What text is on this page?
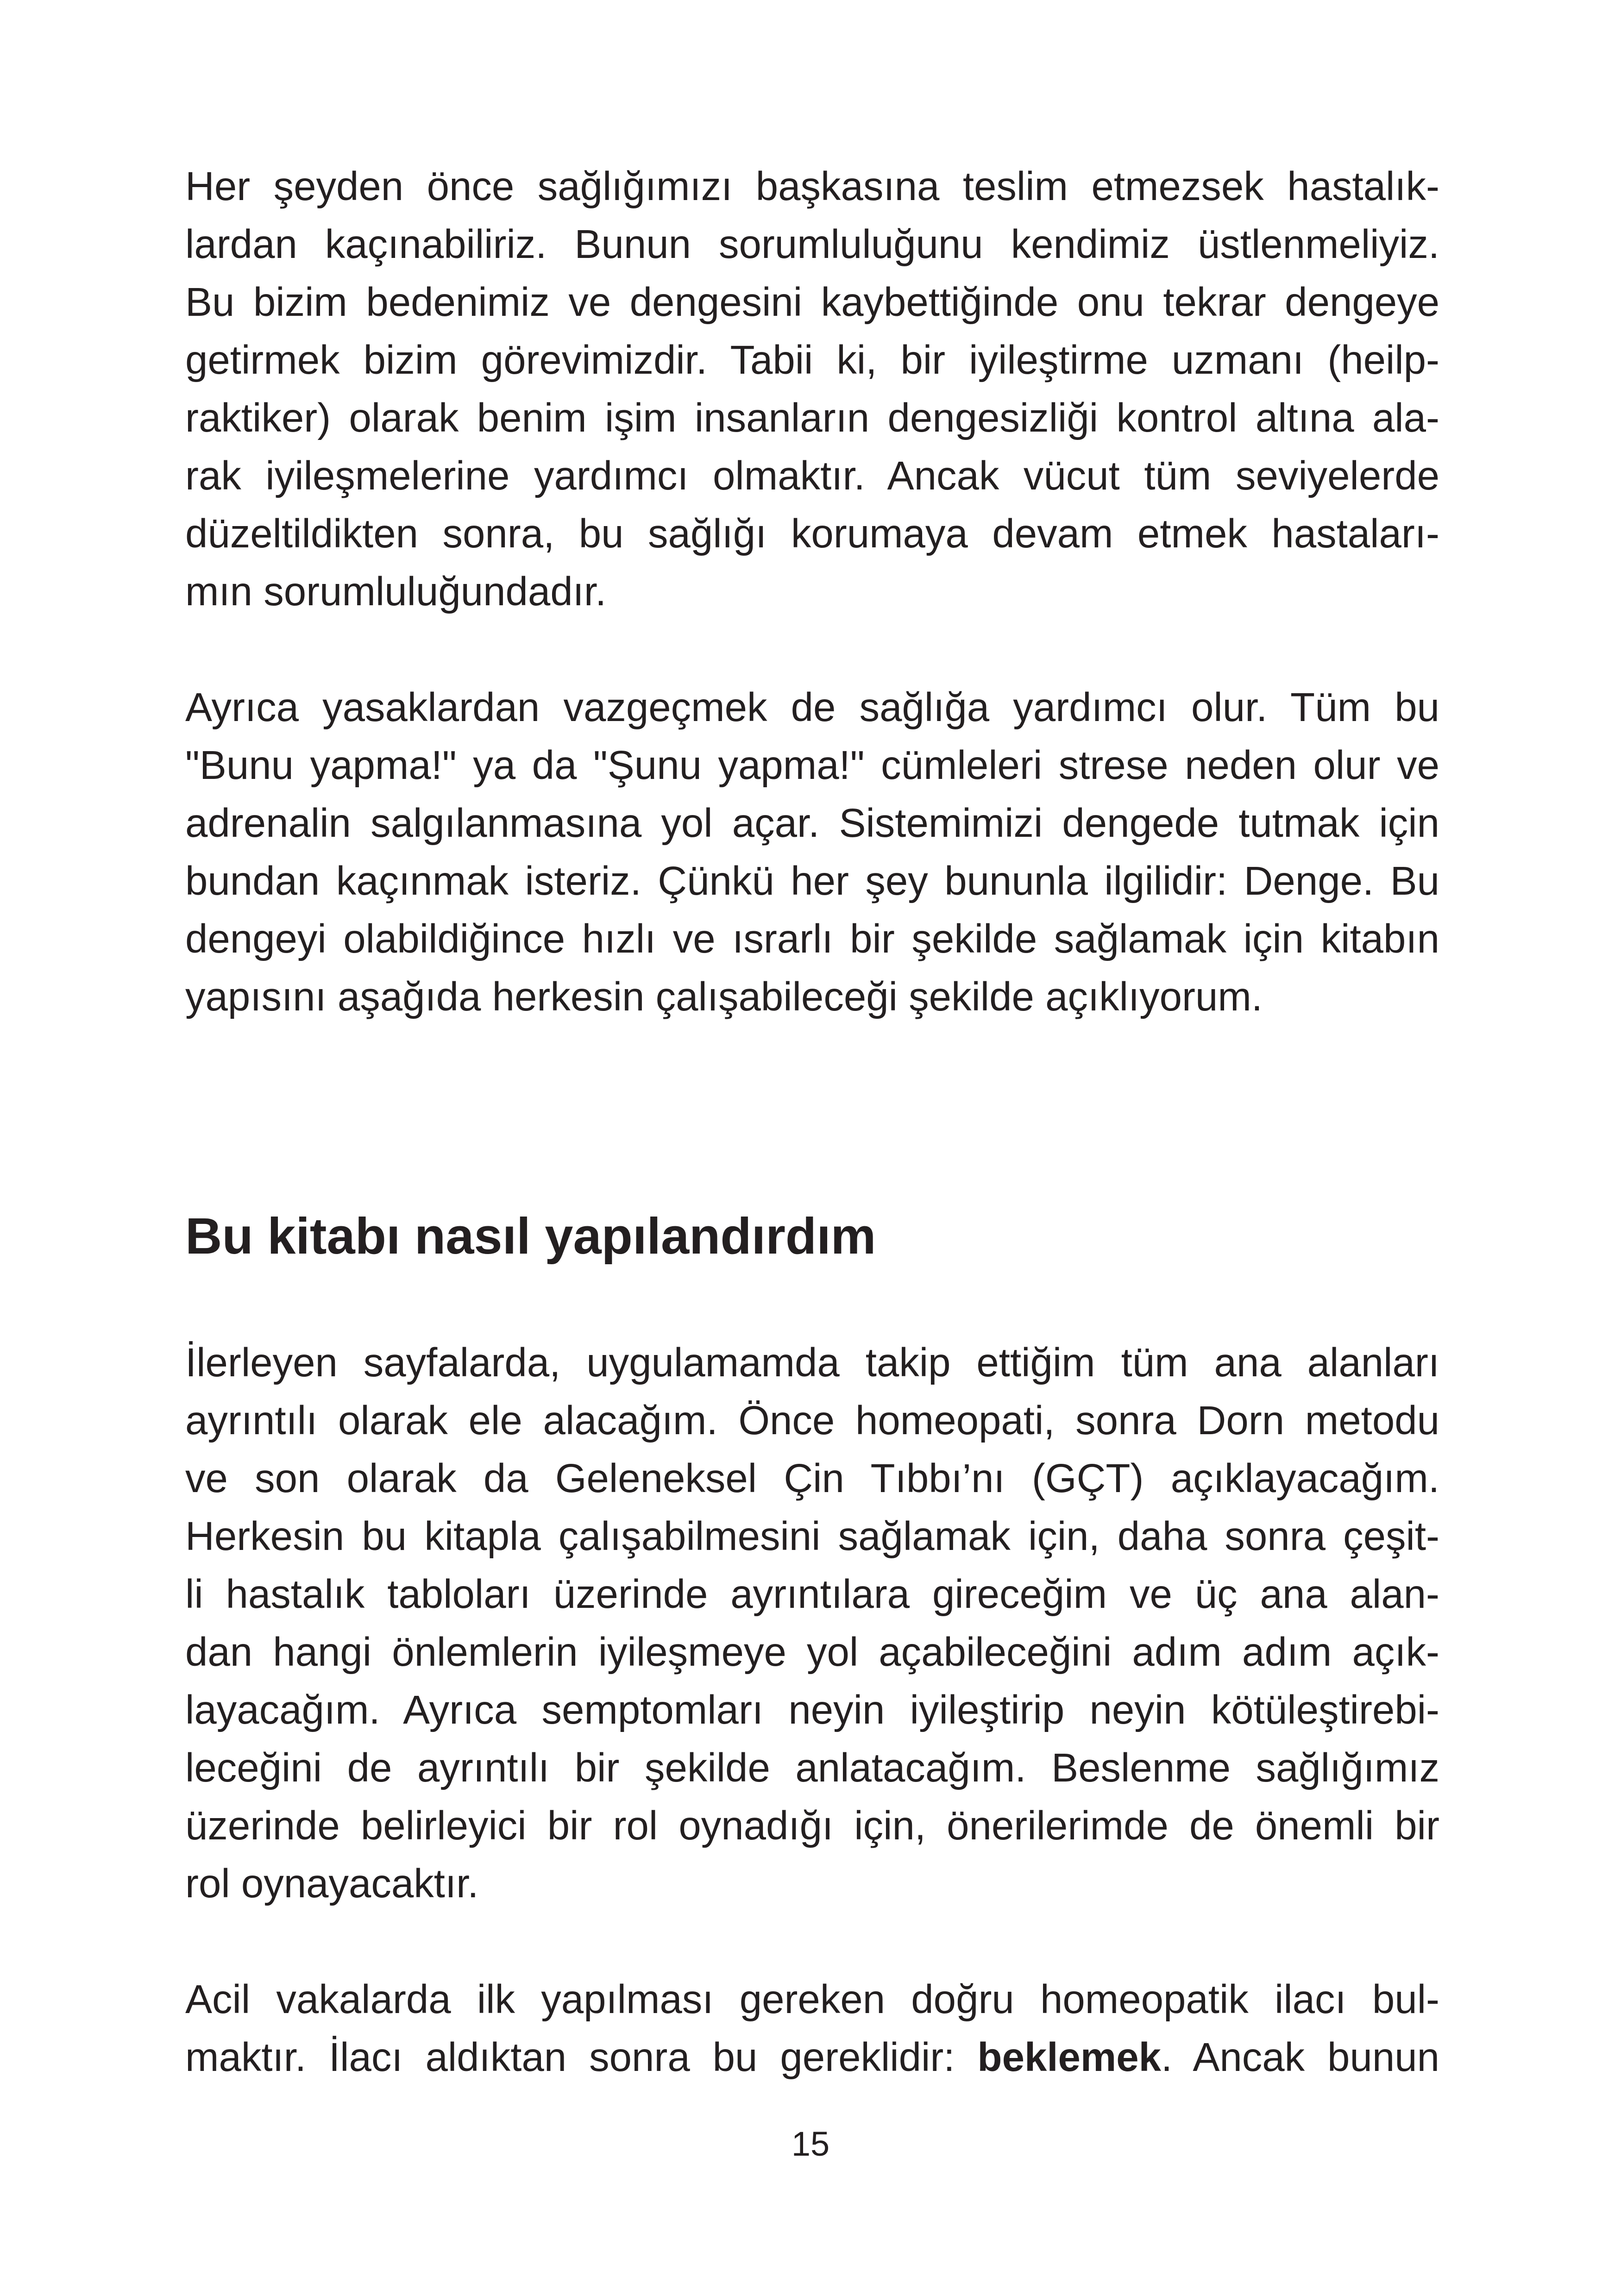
Her şeyden önce sağlığımızı başkasına teslim etmezsek hastalık-
lardan kaçınabiliriz. Bunun sorumluluğunu kendimiz üstlenmeliyiz.
Bu bizim bedenimiz ve dengesini kaybettiğinde onu tekrar dengeye
getirmek bizim görevimizdir. Tabii ki, bir iyileştirme uzmanı (heilp-
raktiker) olarak benim işim insanların dengesizliği kontrol altına ala-
rak iyileşmelerine yardımcı olmaktır. Ancak vücut tüm seviyelerde
düzeltildikten sonra, bu sağlığı korumaya devam etmek hastaları-
mın sorumluluğundadır.
Ayrıca yasaklardan vazgeçmek de sağlığa yardımcı olur. Tüm bu
"Bunu yapma!" ya da "Şunu yapma!" cümleleri strese neden olur ve
adrenalin salgılanmasına yol açar. Sistemimizi dengede tutmak için
bundan kaçınmak isteriz. Çünkü her şey bununla ilgilidir: Denge. Bu
dengeyi olabildiğince hızlı ve ısrarlı bir şekilde sağlamak için kitabın
yapısını aşağıda herkesin çalışabileceği şekilde açıklıyorum.
Bu kitabı nasıl yapılandırdım
İlerleyen sayfalarda, uygulamamda takip ettiğim tüm ana alanları
ayrıntılı olarak ele alacağım. Önce homeopati, sonra Dorn metodu
ve son olarak da Geleneksel Çin Tıbbı’nı (GÇT) açıklayacağım.
Herkesin bu kitapla çalışabilmesini sağlamak için, daha sonra çeşit-
li hastalık tabloları üzerinde ayrıntılara gireceğim ve üç ana alan-
dan hangi önlemlerin iyileşmeye yol açabileceğini adım adım açık-
layacağım. Ayrıca semptomları neyin iyileştirip neyin kötüleştirebi-
leceğini de ayrıntılı bir şekilde anlatacağım. Beslenme sağlığımız
üzerinde belirleyici bir rol oynadığı için, önerilerimde de önemli bir
rol oynayacaktır.
Acil vakalarda ilk yapılması gereken doğru homeopatik ilacı bul-
maktır. İlacı aldıktan sonra bu gereklidir: beklemek. Ancak bunun
15
